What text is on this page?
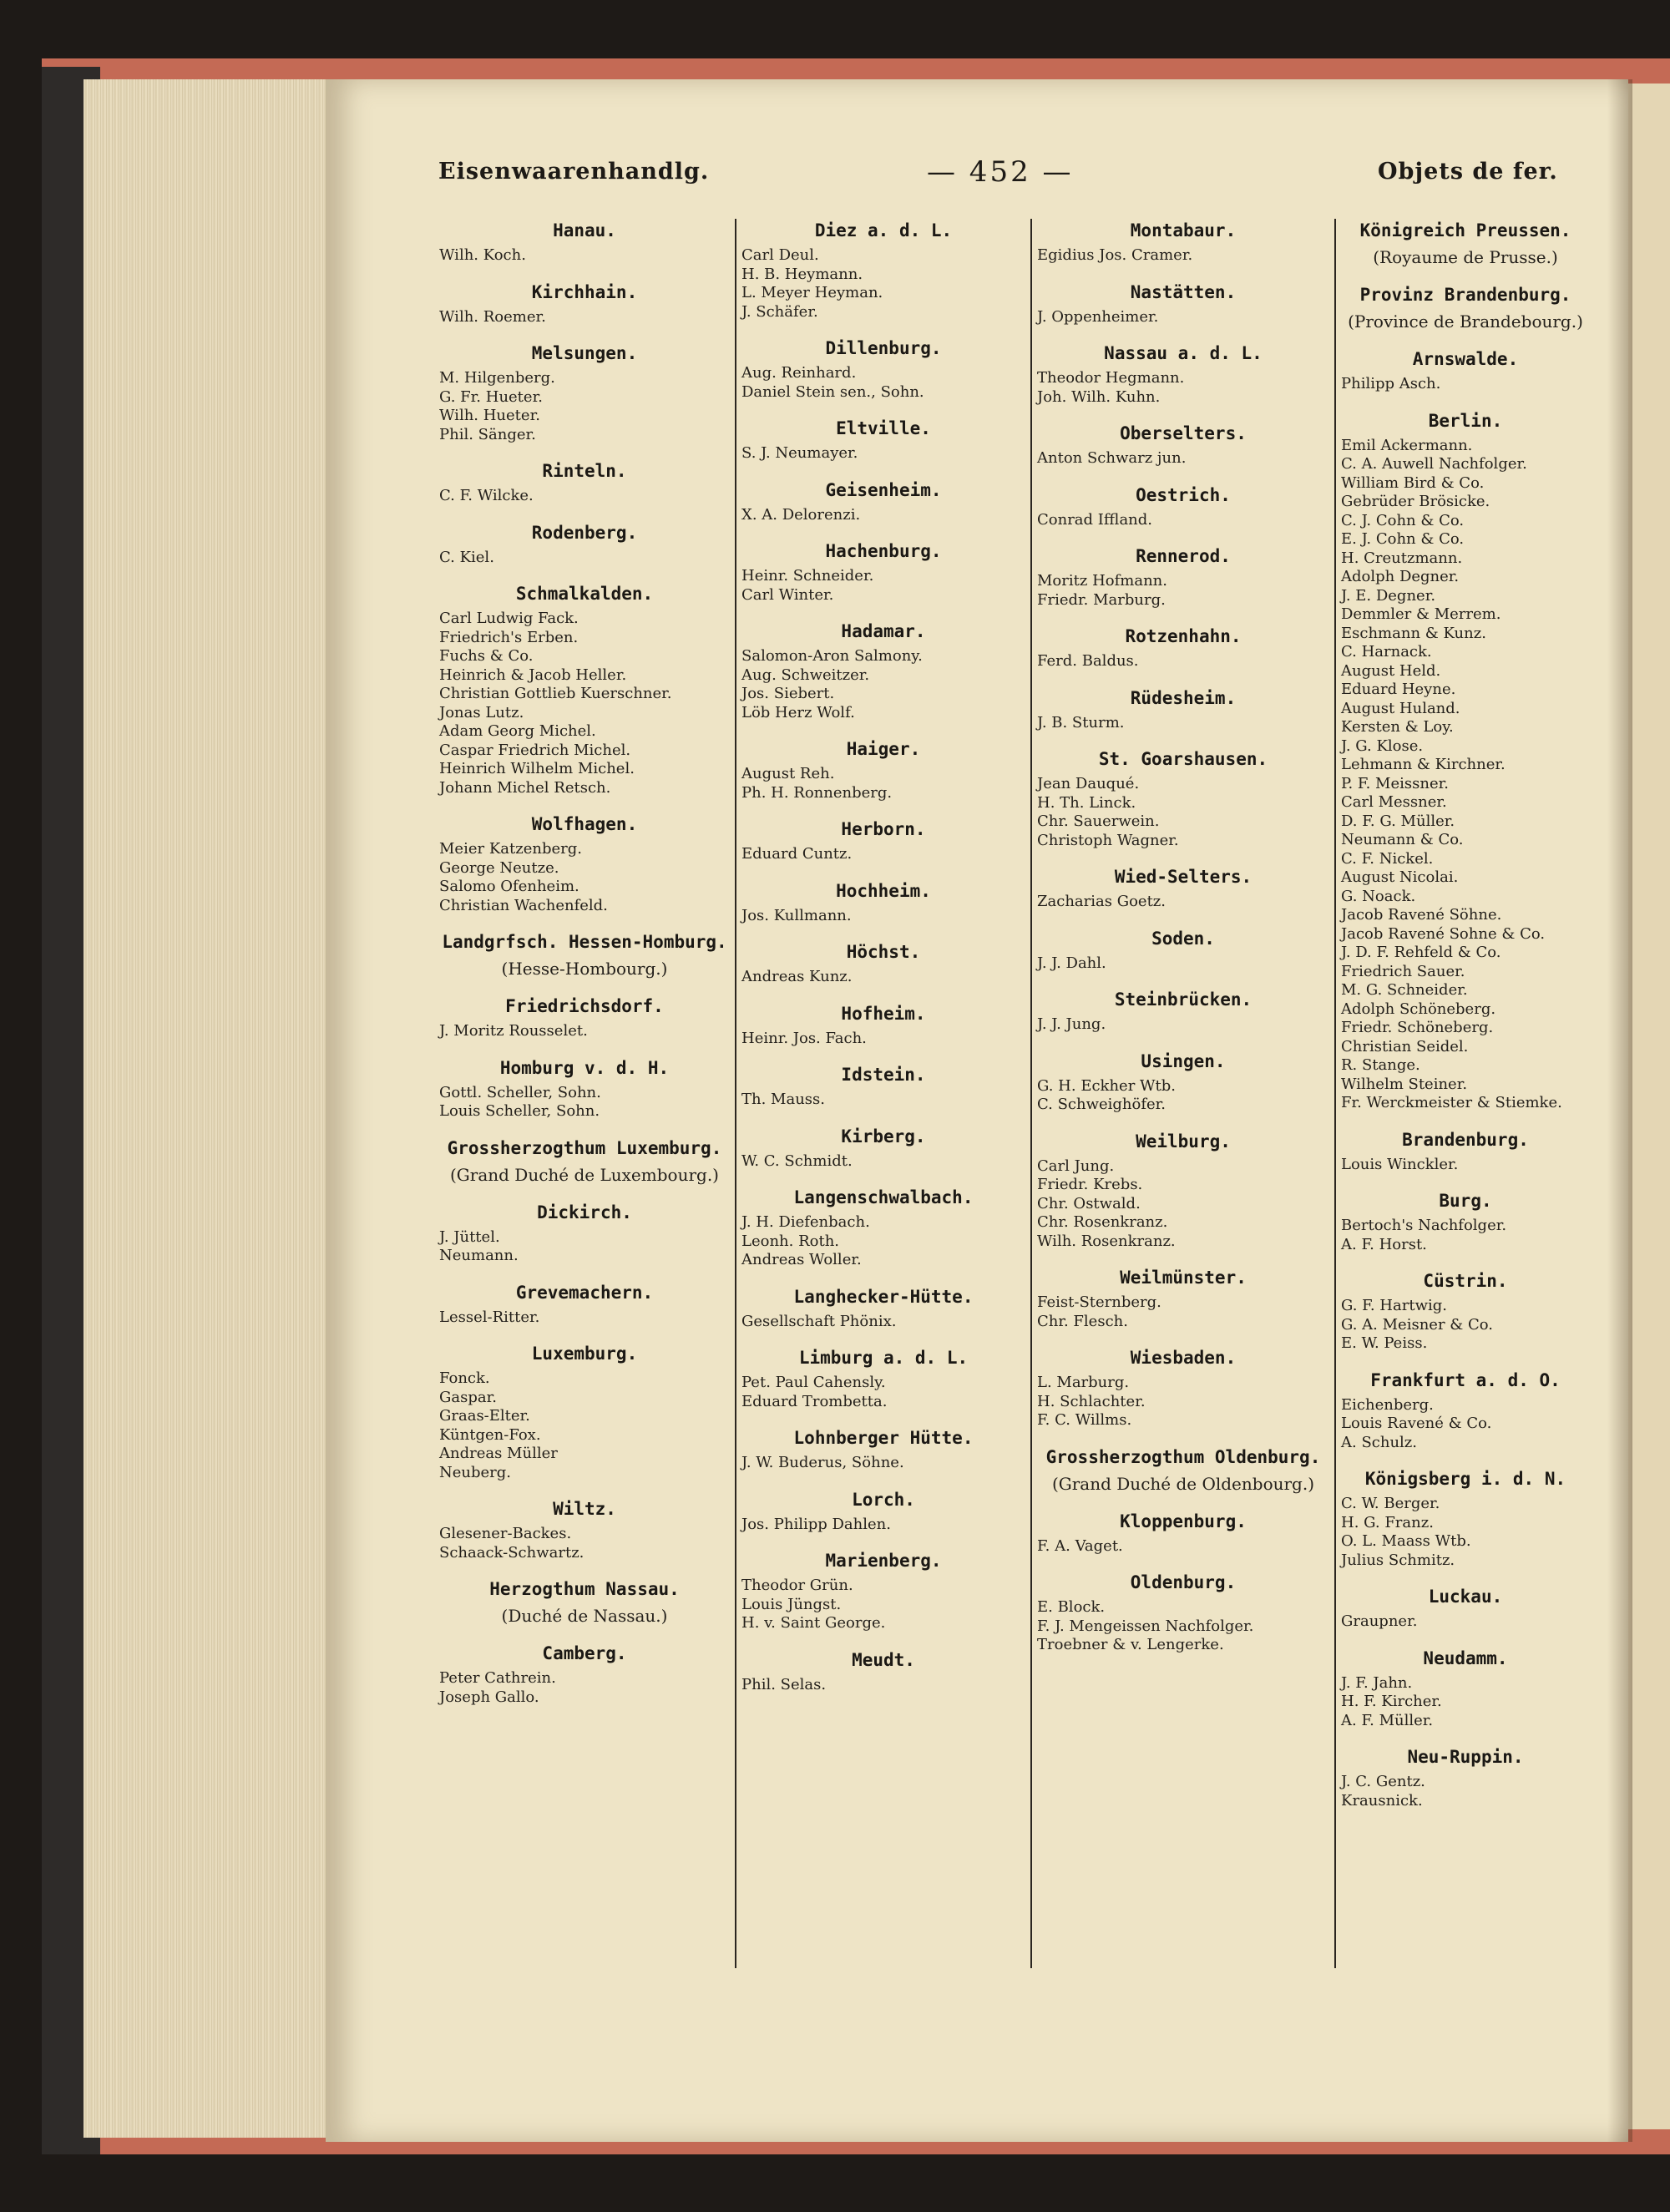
Eisenwaarenhandlg.	— 452 —	Objets de fer.
Hanau.
Wilh. Koch.
Kirchhain.
Wilh. Roemer.
Melsungen.
M. Hilgenberg.
G. Fr. Hueter.
Wilh. Hueter.
Phil. Sänger.
Rinteln.
C. F. Wilcke.
Rodenberg.
C. Kiel.
Schmalkalden.
Carl Ludwig Fack.
Friedrich's Erben.
Fuchs & Co.
Heinrich & Jacob Heller.
Christian Gottlieb Kuerschner.
Jonas Lutz.
Adam Georg Michel.
Caspar Friedrich Michel.
Heinrich Wilhelm Michel.
Johann Michel Retsch.
Wolfhagen.
Meier Katzenberg.
George Neutze.
Salomo Ofenheim.
Christian Wachenfeld.
Landgrfsch. Hessen-Homburg.
(Hesse-Hombourg.)
Friedrichsdorf.
J. Moritz Rousselet.
Homburg v. d. H.
Gottl. Scheller, Sohn.
Louis Scheller, Sohn.
Grossherzogthum Luxemburg.
(Grand Duché de Luxembourg.)
Dickirch.
J. Jüttel.
Neumann.
Grevemachern.
Lessel-Ritter.
Luxemburg.
Fonck.
Gaspar.
Graas-Elter.
Küntgen-Fox.
Andreas Müller
Neuberg.
Wiltz.
Glesener-Backes.
Schaack-Schwartz.
Herzogthum Nassau.
(Duché de Nassau.)
Camberg.
Peter Cathrein.
Joseph Gallo.
Diez a. d. L.
Carl Deul.
H. B. Heymann.
L. Meyer Heyman.
J. Schäfer.
Dillenburg.
Aug. Reinhard.
Daniel Stein sen., Sohn.
Eltville.
S. J. Neumayer.
Geisenheim.
X. A. Delorenzi.
Hachenburg.
Heinr. Schneider.
Carl Winter.
Hadamar.
Salomon-Aron Salmony.
Aug. Schweitzer.
Jos. Siebert.
Löb Herz Wolf.
Haiger.
August Reh.
Ph. H. Ronnenberg.
Herborn.
Eduard Cuntz.
Hochheim.
Jos. Kullmann.
Höchst.
Andreas Kunz.
Hofheim.
Heinr. Jos. Fach.
Idstein.
Th. Mauss.
Kirberg.
W. C. Schmidt.
Langenschwalbach.
J. H. Diefenbach.
Leonh. Roth.
Andreas Woller.
Langhecker-Hütte.
Gesellschaft Phönix.
Limburg a. d. L.
Pet. Paul Cahensly.
Eduard Trombetta.
Lohnberger Hütte.
J. W. Buderus, Söhne.
Lorch.
Jos. Philipp Dahlen.
Marienberg.
Theodor Grün.
Louis Jüngst.
H. v. Saint George.
Meudt.
Phil. Selas.
Montabaur.
Egidius Jos. Cramer.
Nastätten.
J. Oppenheimer.
Nassau a. d. L.
Theodor Hegmann.
Joh. Wilh. Kuhn.
Oberselters.
Anton Schwarz jun.
Oestrich.
Conrad Iffland.
Rennerod.
Moritz Hofmann.
Friedr. Marburg.
Rotzenhahn.
Ferd. Baldus.
Rüdesheim.
J. B. Sturm.
St. Goarshausen.
Jean Dauqué.
H. Th. Linck.
Chr. Sauerwein.
Christoph Wagner.
Wied-Selters.
Zacharias Goetz.
Soden.
J. J. Dahl.
Steinbrücken.
J. J. Jung.
Usingen.
G. H. Eckher Wtb.
C. Schweighöfer.
Weilburg.
Carl Jung.
Friedr. Krebs.
Chr. Ostwald.
Chr. Rosenkranz.
Wilh. Rosenkranz.
Weilmünster.
Feist-Sternberg.
Chr. Flesch.
Wiesbaden.
L. Marburg.
H. Schlachter.
F. C. Willms.
Grossherzogthum Oldenburg.
(Grand Duché de Oldenbourg.)
Kloppenburg.
F. A. Vaget.
Oldenburg.
E. Block.
F. J. Mengeissen Nachfolger.
Troebner & v. Lengerke.
Königreich Preussen.
(Royaume de Prusse.)
Provinz Brandenburg.
(Province de Brandebourg.)
Arnswalde.
Philipp Asch.
Berlin.
Emil Ackermann.
C. A. Auwell Nachfolger.
William Bird & Co.
Gebrüder Brösicke.
C. J. Cohn & Co.
E. J. Cohn & Co.
H. Creutzmann.
Adolph Degner.
J. E. Degner.
Demmler & Merrem.
Eschmann & Kunz.
C. Harnack.
August Held.
Eduard Heyne.
August Huland.
Kersten & Loy.
J. G. Klose.
Lehmann & Kirchner.
P. F. Meissner.
Carl Messner.
D. F. G. Müller.
Neumann & Co.
C. F. Nickel.
August Nicolai.
G. Noack.
Jacob Ravené Söhne.
Jacob Ravené Sohne & Co.
J. D. F. Rehfeld & Co.
Friedrich Sauer.
M. G. Schneider.
Adolph Schöneberg.
Friedr. Schöneberg.
Christian Seidel.
R. Stange.
Wilhelm Steiner.
Fr. Werckmeister & Stiemke.
Brandenburg.
Louis Winckler.
Burg.
Bertoch's Nachfolger.
A. F. Horst.
Cüstrin.
G. F. Hartwig.
G. A. Meisner & Co.
E. W. Peiss.
Frankfurt a. d. O.
Eichenberg.
Louis Ravené & Co.
A. Schulz.
Königsberg i. d. N.
C. W. Berger.
H. G. Franz.
O. L. Maass Wtb.
Julius Schmitz.
Luckau.
Graupner.
Neudamm.
J. F. Jahn.
H. F. Kircher.
A. F. Müller.
Neu-Ruppin.
J. C. Gentz.
Krausnick.
